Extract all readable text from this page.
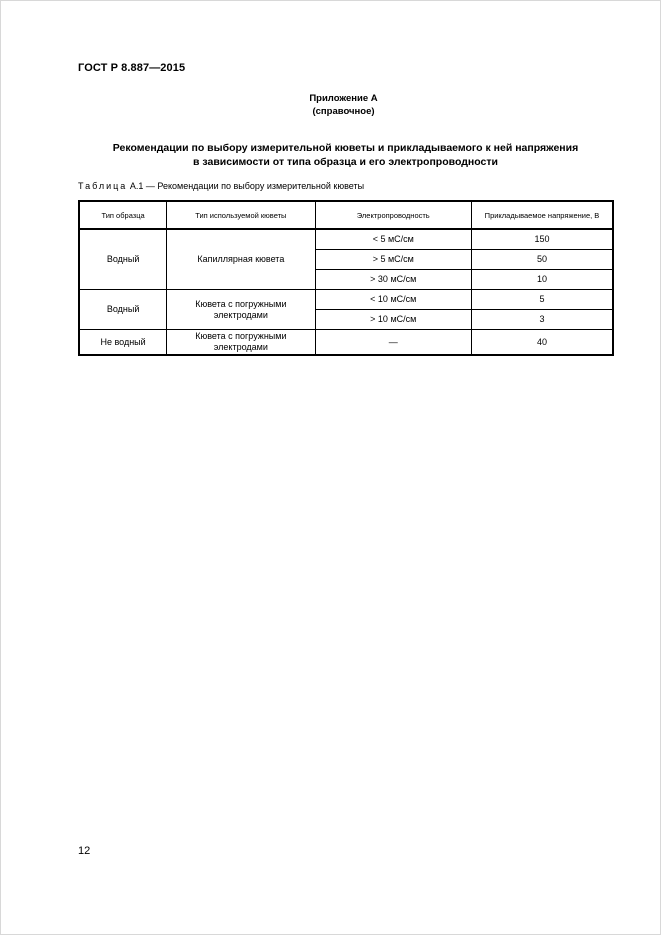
ГОСТ Р 8.887—2015
Приложение А
(справочное)
Рекомендации по выбору измерительной кюветы и прикладываемого к ней напряжения
в зависимости от типа образца и его электропроводности
Таблица А.1 — Рекомендации по выбору измерительной кюветы
Тип образца	Тип используемой кюветы	Электропроводность	Прикладываемое напряжение, В
Водный	Капиллярная кювета	< 5 мС/см	150
		> 5 мС/см	50
		> 30 мС/см	10
Водный	Кювета с погружными электродами	< 10 мС/см	5
		> 10 мС/см	3
Не водный	Кювета с погружными электродами	—	40
12
